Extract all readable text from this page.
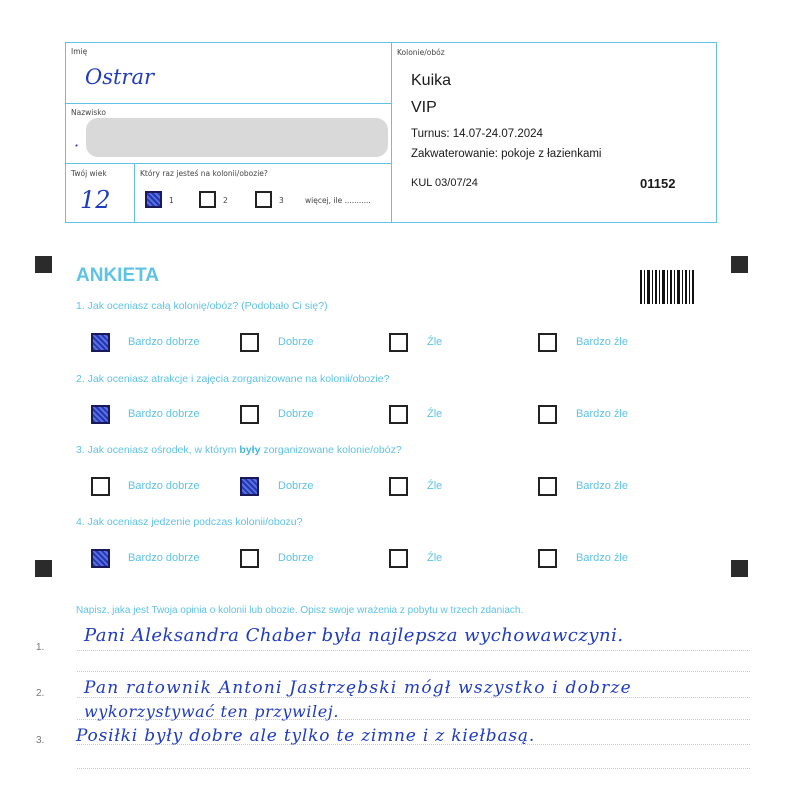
Imię
Ostrar
Nazwisko
·
Twój wiek
12
Który raz jesteś na kolonii/obozie?
1	2	3	więcej, ile ...........
Kolonie/obóz
Kuika
VIP
Turnus: 14.07-24.07.2024
Zakwaterowanie: pokoje z łazienkami
KUL 03/07/24	01152
ANKIETA
1. Jak oceniasz całą kolonię/obóz? (Podobało Ci się?)
Bardzo dobrze	Dobrze	Źle	Bardzo źle
2. Jak oceniasz atrakcje i zajęcia zorganizowane na kolonii/obozie?
Bardzo dobrze	Dobrze	Źle	Bardzo źle
3. Jak oceniasz ośrodek, w którym były zorganizowane kolonie/obóz?
Bardzo dobrze	Dobrze	Źle	Bardzo źle
4. Jak oceniasz jedzenie podczas kolonii/obozu?
Bardzo dobrze	Dobrze	Źle	Bardzo źle
Napisz, jaka jest Twoja opinia o kolonii lub obozie. Opisz swoje wrażenia z pobytu w trzech zdaniach.
1.
Pani Aleksandra Chaber była najlepsza wychowawczyni.
2. Pan ratownik Antoni Jastrzębski mógł wszystko i dobrze
wykorzystywać ten przywilej.
3. Posiłki były dobre ale tylko te zimne i z kiełbasą.
